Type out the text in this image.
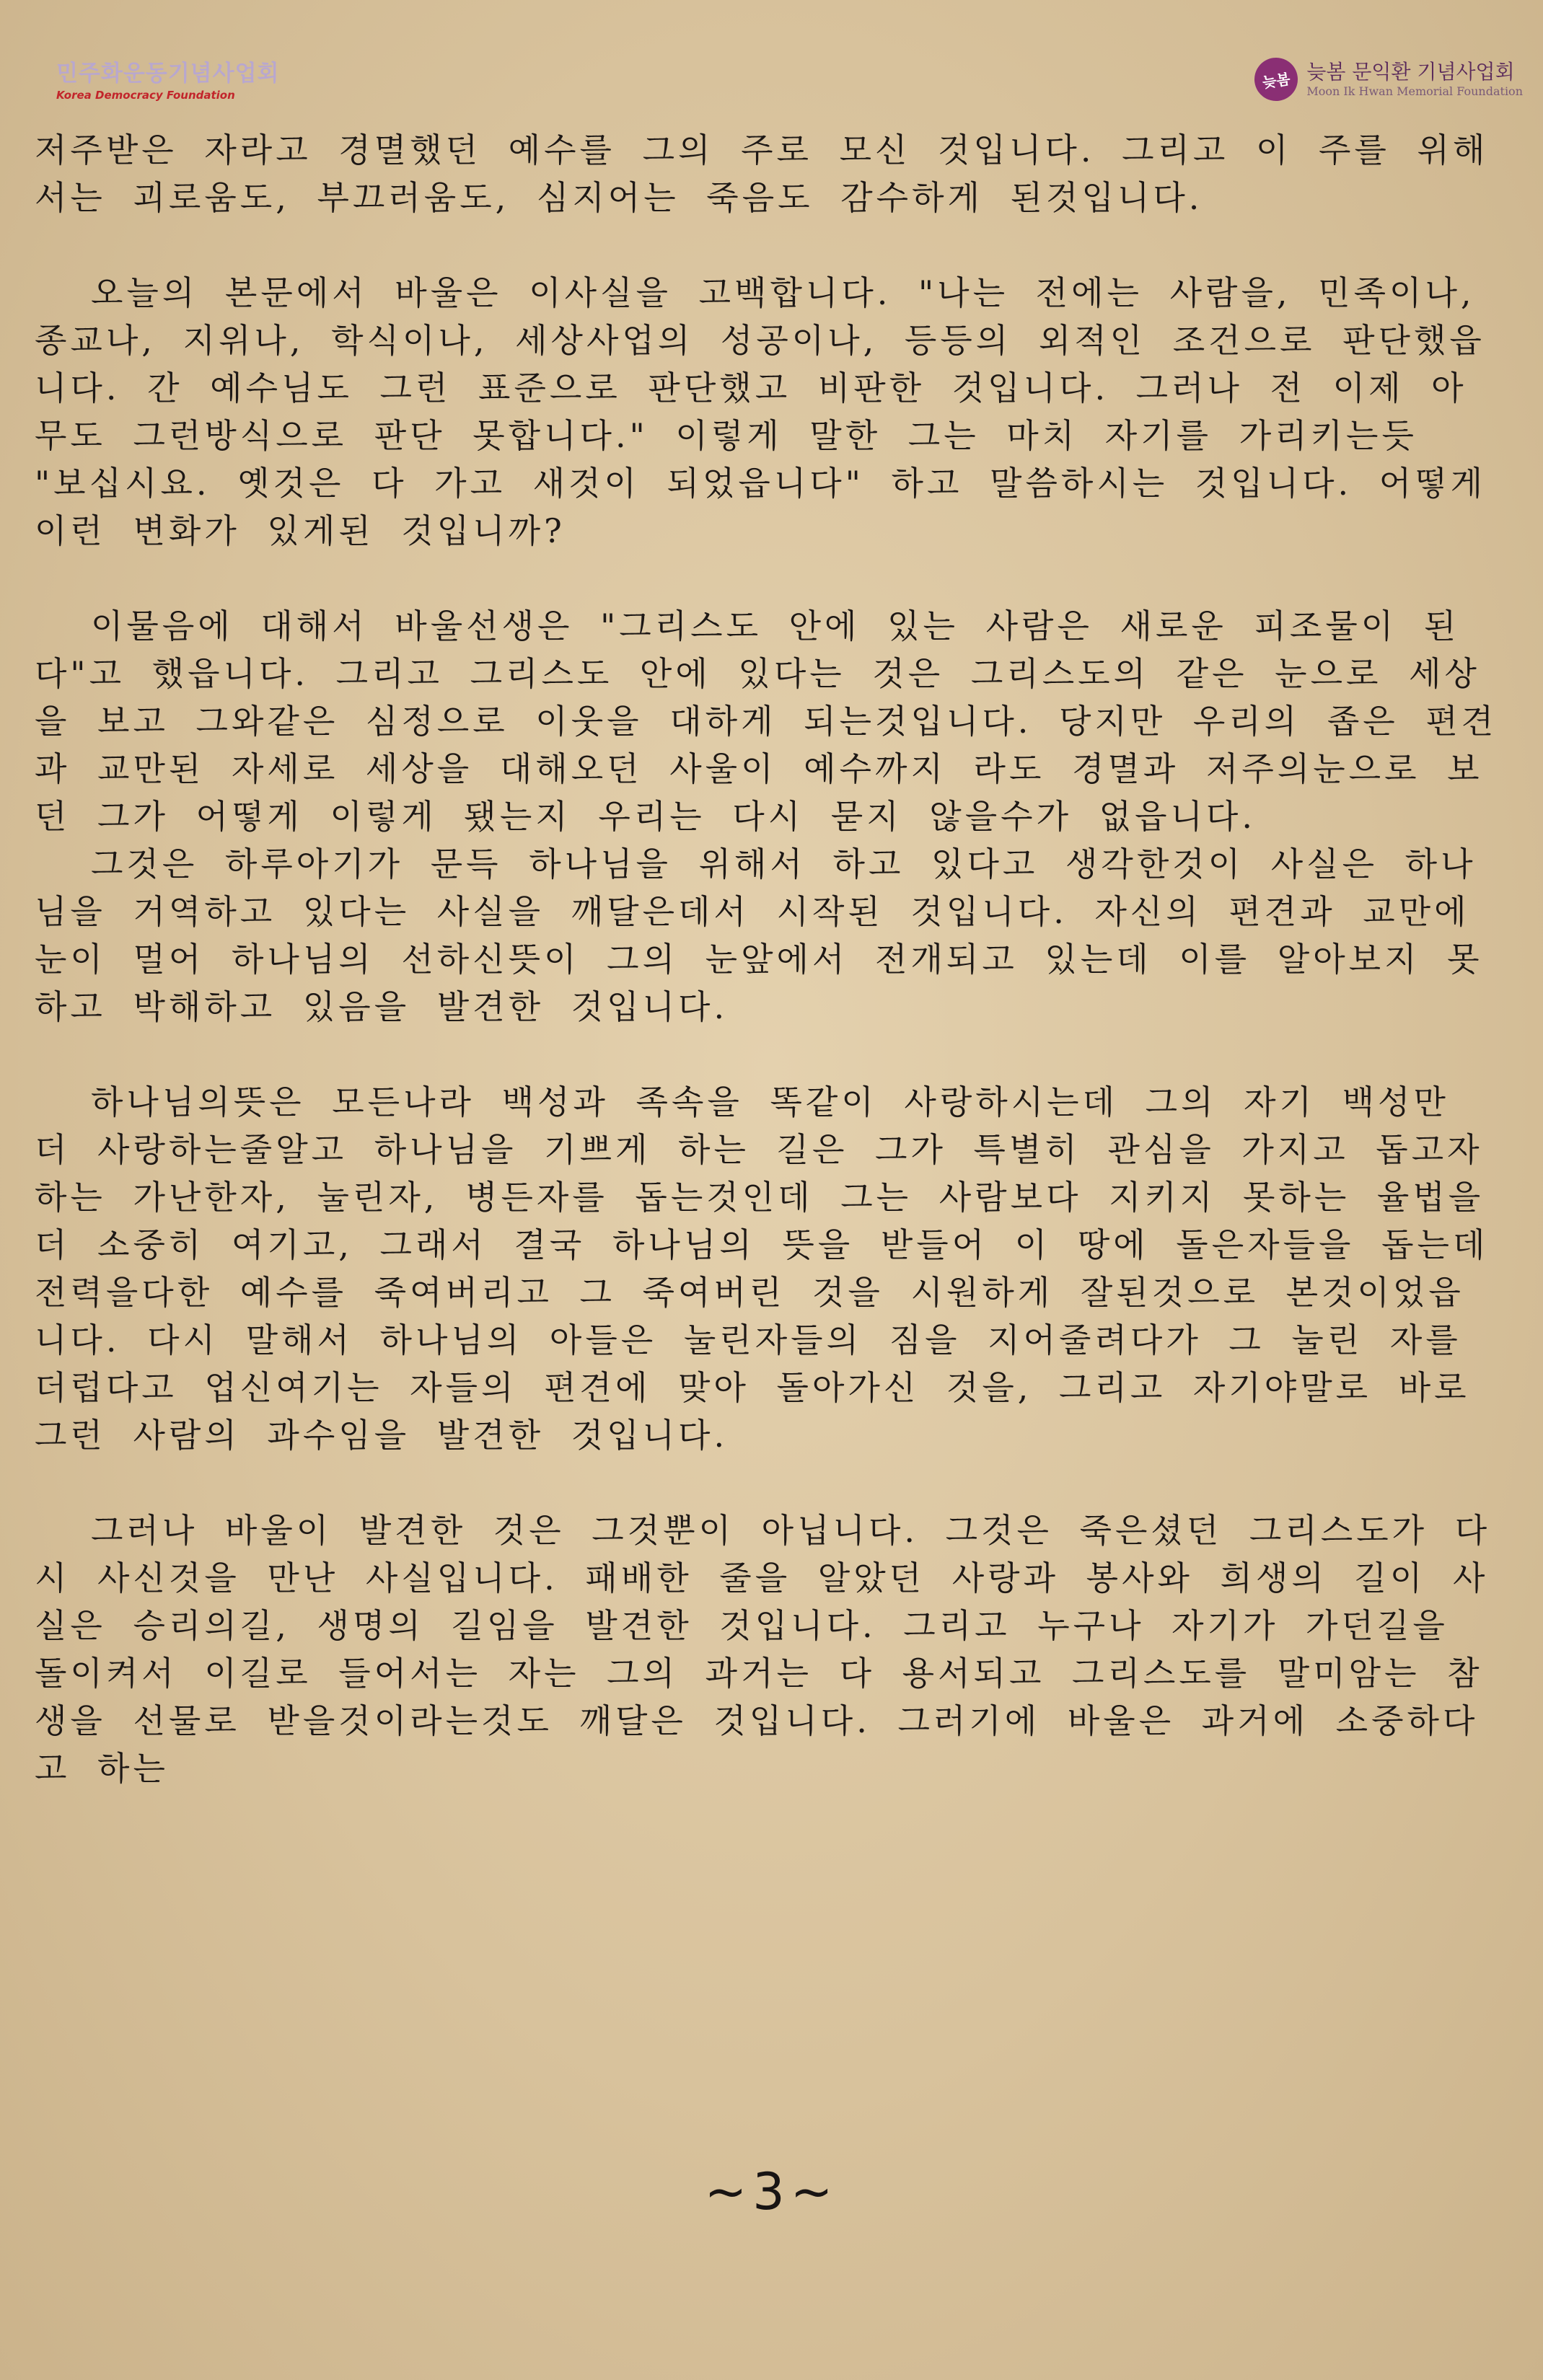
민주화운동기념사업회
Korea Democracy Foundation
늦봄 늦봄 문익환 기념사업회
Moon Ik Hwan Memorial Foundation

저주받은 자라고 경멸했던 예수를 그의 주로 모신 것입니다. 그리고 이 주를 위해서는 괴로움도, 부끄러움도, 심지어는 죽음도 감수하게 된것입니다.

오늘의 본문에서 바울은 이사실을 고백합니다. "나는 전에는 사람을, 민족이나, 종교나, 지위나, 학식이나, 세상사업의 성공이나, 등등의 외적인 조건으로 판단했읍니다. 간 예수님도 그런 표준으로 판단했고 비판한 것입니다. 그러나 전 이제 아무도 그런방식으로 판단 못합니다." 이렇게 말한 그는 마치 자기를 가리키는듯 "보십시요. 옛것은 다 가고 새것이 되었읍니다" 하고 말씀하시는 것입니다. 어떻게 이런 변화가 있게된 것입니까?

이물음에 대해서 바울선생은 "그리스도 안에 있는 사람은 새로운 피조물이 된다"고 했읍니다. 그리고 그리스도 안에 있다는 것은 그리스도의 같은 눈으로 세상을 보고 그와같은 심정으로 이웃을 대하게 되는것입니다. 당지만 우리의 좁은 편견과 교만된 자세로 세상을 대해오던 사울이 예수까지 라도 경멸과 저주의눈으로 보던 그가 어떻게 이렇게 됐는지 우리는 다시 묻지 않을수가 없읍니다.

그것은 하루아기가 문득 하나님을 위해서 하고 있다고 생각한것이 사실은 하나님을 거역하고 있다는 사실을 깨달은데서 시작된 것입니다. 자신의 편견과 교만에 눈이 멀어 하나님의 선하신뜻이 그의 눈앞에서 전개되고 있는데 이를 알아보지 못하고 박해하고 있음을 발견한 것입니다.

하나님의뜻은 모든나라 백성과 족속을 똑같이 사랑하시는데 그의 자기 백성만 더 사랑하는줄알고 하나님을 기쁘게 하는 길은 그가 특별히 관심을 가지고 돕고자 하는 가난한자, 눌린자, 병든자를 돕는것인데 그는 사람보다 지키지 못하는 율법을 더 소중히 여기고, 그래서 결국 하나님의 뜻을 받들어 이 땅에 돌은자들을 돕는데 전력을다한 예수를 죽여버리고 그 죽여버린 것을 시원하게 잘된것으로 본것이었읍니다. 다시 말해서 하나님의 아들은 눌린자들의 짐을 지어줄려다가 그 눌린 자를 더럽다고 업신여기는 자들의 편견에 맞아 돌아가신 것을, 그리고 자기야말로 바로 그런 사람의 과수임을 발견한 것입니다.

그러나 바울이 발견한 것은 그것뿐이 아닙니다. 그것은 죽은셨던 그리스도가 다시 사신것을 만난 사실입니다. 패배한 줄을 알았던 사랑과 봉사와 희생의 길이 사실은 승리의길, 생명의 길임을 발견한 것입니다. 그리고 누구나 자기가 가던길을 돌이켜서 이길로 들어서는 자는 그의 과거는 다 용서되고 그리스도를 말미암는 참 생을 선물로 받을것이라는것도 깨달은 것입니다. 그러기에 바울은 과거에 소중하다고 하는

~3~
